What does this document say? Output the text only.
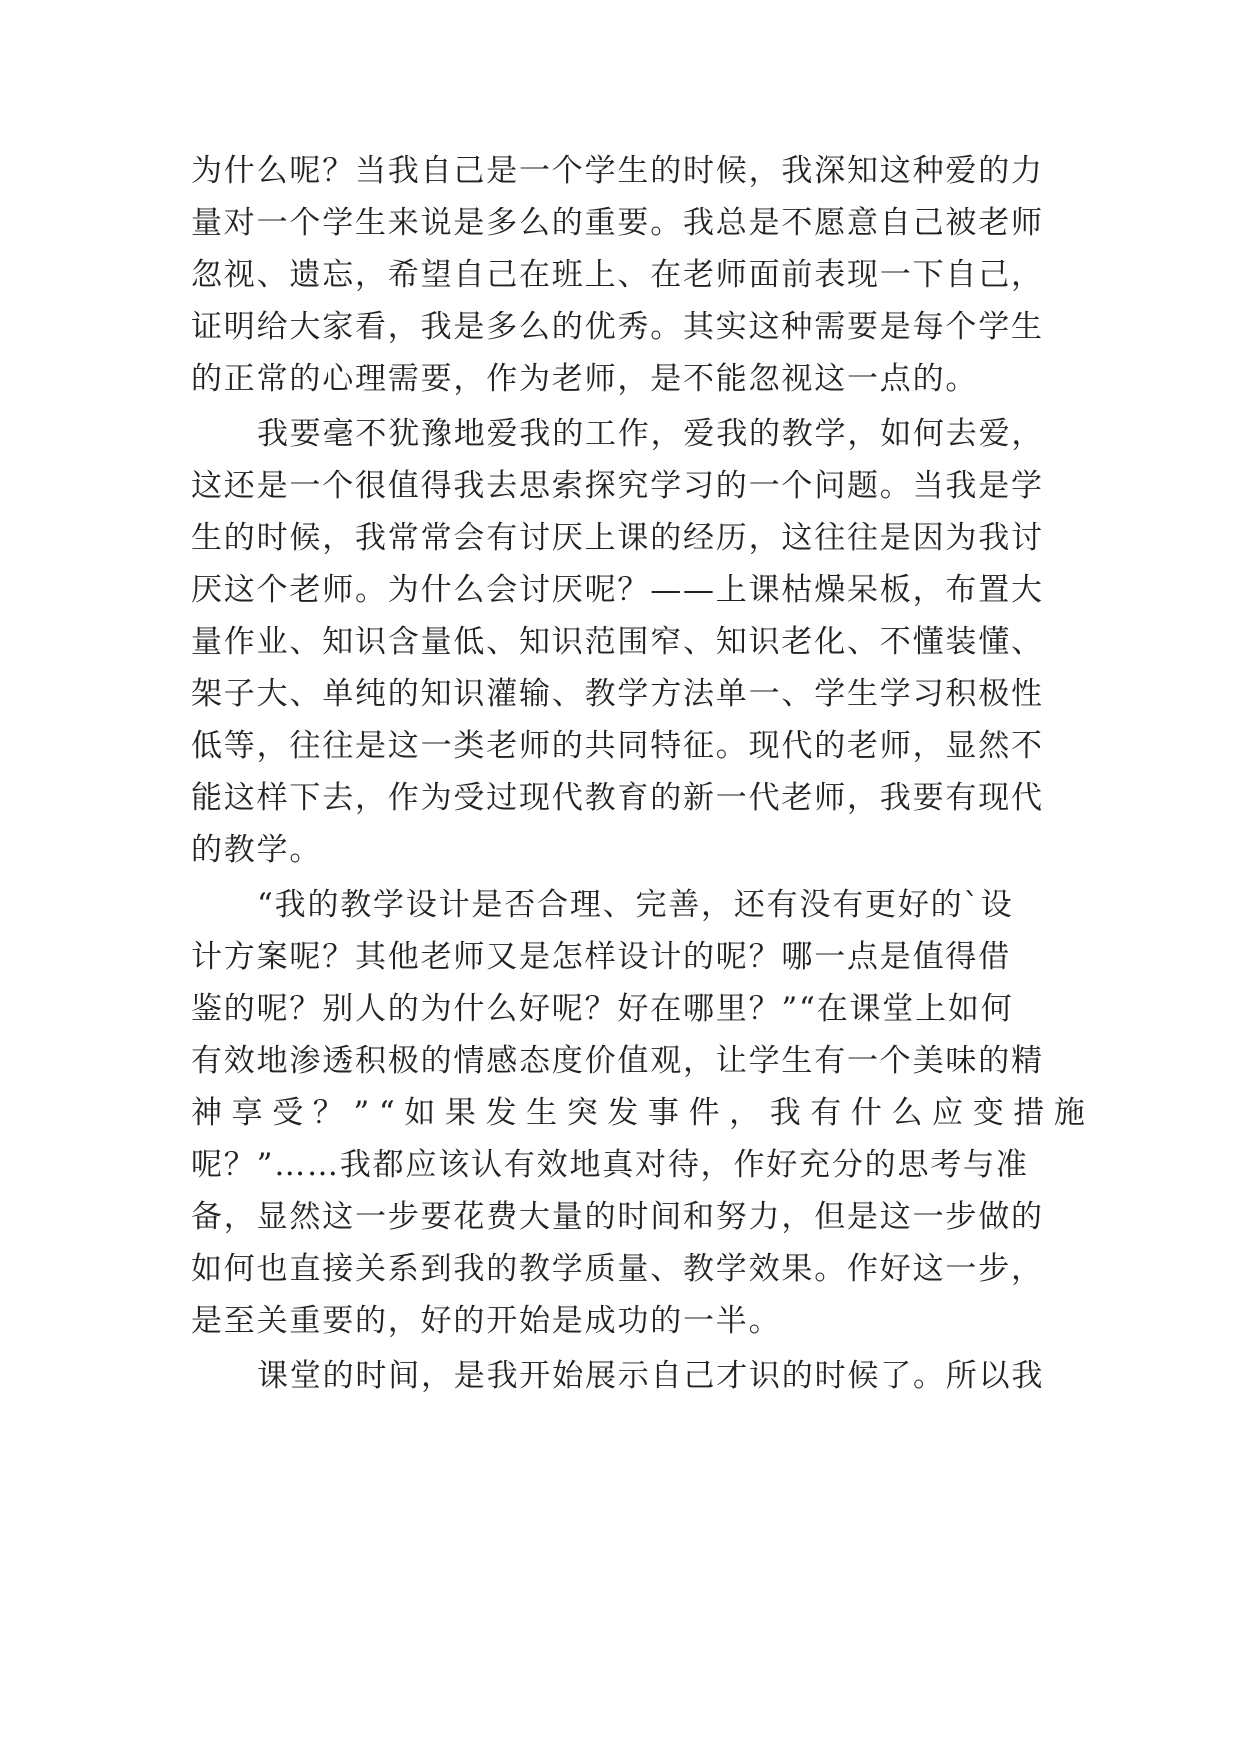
为什么呢？当我自己是一个学生的时候，我深知这种爱的力
量对一个学生来说是多么的重要。我总是不愿意自己被老师
忽视、遗忘，希望自己在班上、在老师面前表现一下自己，
证明给大家看，我是多么的优秀。其实这种需要是每个学生
的正常的心理需要，作为老师，是不能忽视这一点的。
我要毫不犹豫地爱我的工作，爱我的教学，如何去爱，
这还是一个很值得我去思索探究学习的一个问题。当我是学
生的时候，我常常会有讨厌上课的经历，这往往是因为我讨
厌这个老师。为什么会讨厌呢？——上课枯燥呆板，布置大
量作业、知识含量低、知识范围窄、知识老化、不懂装懂、
架子大、单纯的知识灌输、教学方法单一、学生学习积极性
低等，往往是这一类老师的共同特征。现代的老师，显然不
能这样下去，作为受过现代教育的新一代老师，我要有现代
的教学。
“我的教学设计是否合理、完善，还有没有更好的`设
计方案呢？其他老师又是怎样设计的呢？哪一点是值得借
鉴的呢？别人的为什么好呢？好在哪里？”“在课堂上如何
有效地渗透积极的情感态度价值观，让学生有一个美味的精
神享受？”“如果发生突发事件，我有什么应变措施
呢？”……我都应该认有效地真对待，作好充分的思考与准
备，显然这一步要花费大量的时间和努力，但是这一步做的
如何也直接关系到我的教学质量、教学效果。作好这一步，
是至关重要的，好的开始是成功的一半。
课堂的时间，是我开始展示自己才识的时候了。所以我
